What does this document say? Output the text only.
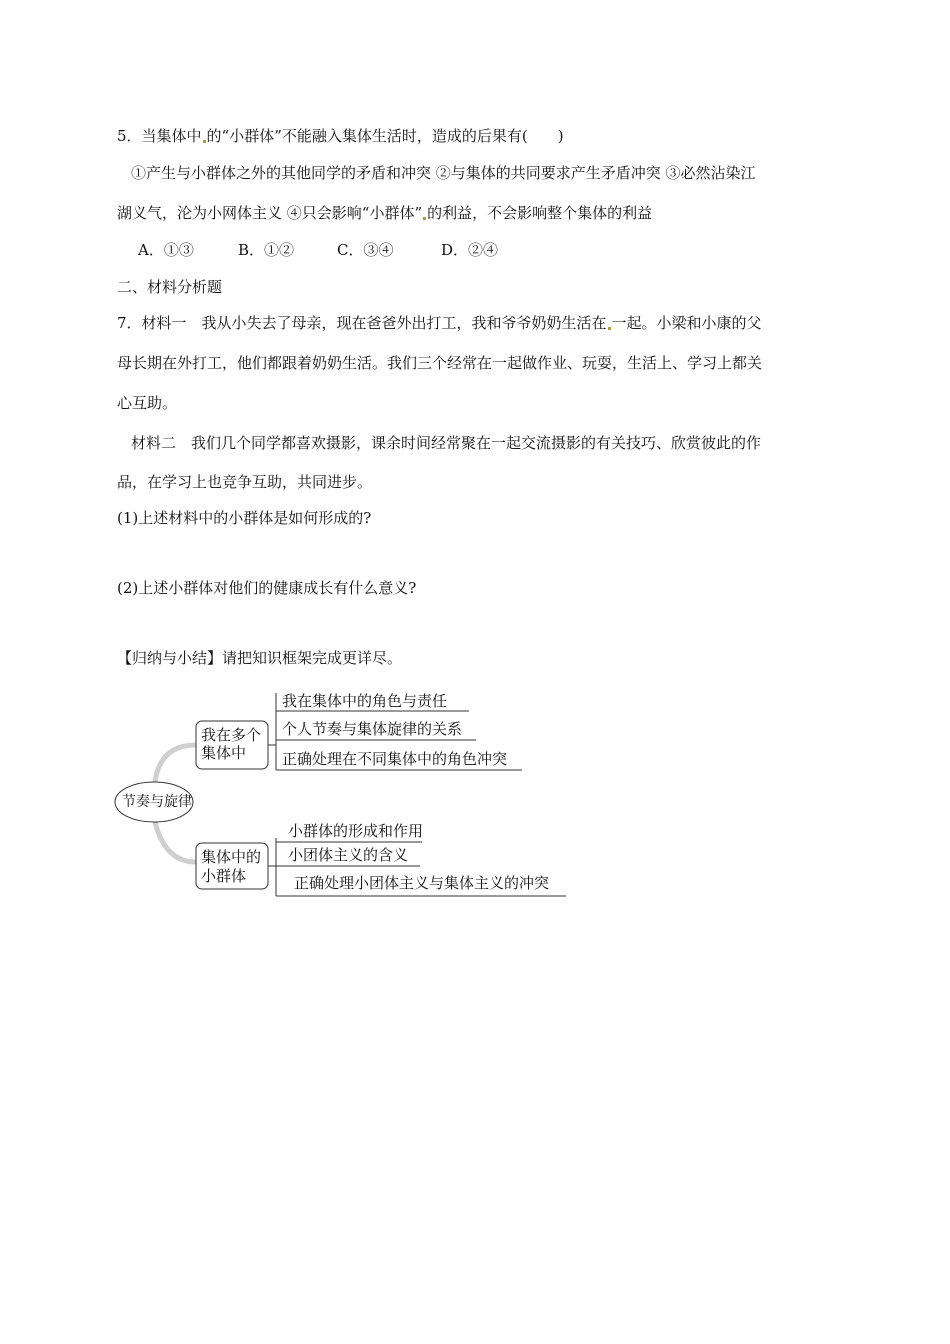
5．当集体中 的“小群体”不能融入集体生活时，造成的后果有(　　)
①产生与小群体之外的其他同学的矛盾和冲突 ②与集体的共同要求产生矛盾冲突 ③必然沾染江
湖义气，沦为小网体主义 ④只会影响“小群体” 的利益，不会影响整个集体的利益
A．①③	B．①②	C．③④	D．②④
二、材料分析题
7．材料一　我从小失去了母亲，现在爸爸外出打工，我和爷爷奶奶生活在 一起。小梁和小康的父
母长期在外打工，他们都跟着奶奶生活。我们三个经常在一起做作业、玩耍，生活上、学习上都关
心互助。
材料二　我们几个同学都喜欢摄影，课余时间经常聚在一起交流摄影的有关技巧、欣赏彼此的作
品，在学习上也竞争互助，共同进步。
(1)上述材料中的小群体是如何形成的?
(2)上述小群体对他们的健康成长有什么意义?
【归纳与小结】请把知识框架完成更详尽。
节奏与旋律
我在多个
集体中
我在集体中的角色与责任
个人节奏与集体旋律的关系
正确处理在不同集体中的角色冲突
集体中的
小群体
小群体的形成和作用
小团体主义的含义
正确处理小团体主义与集体主义的冲突
